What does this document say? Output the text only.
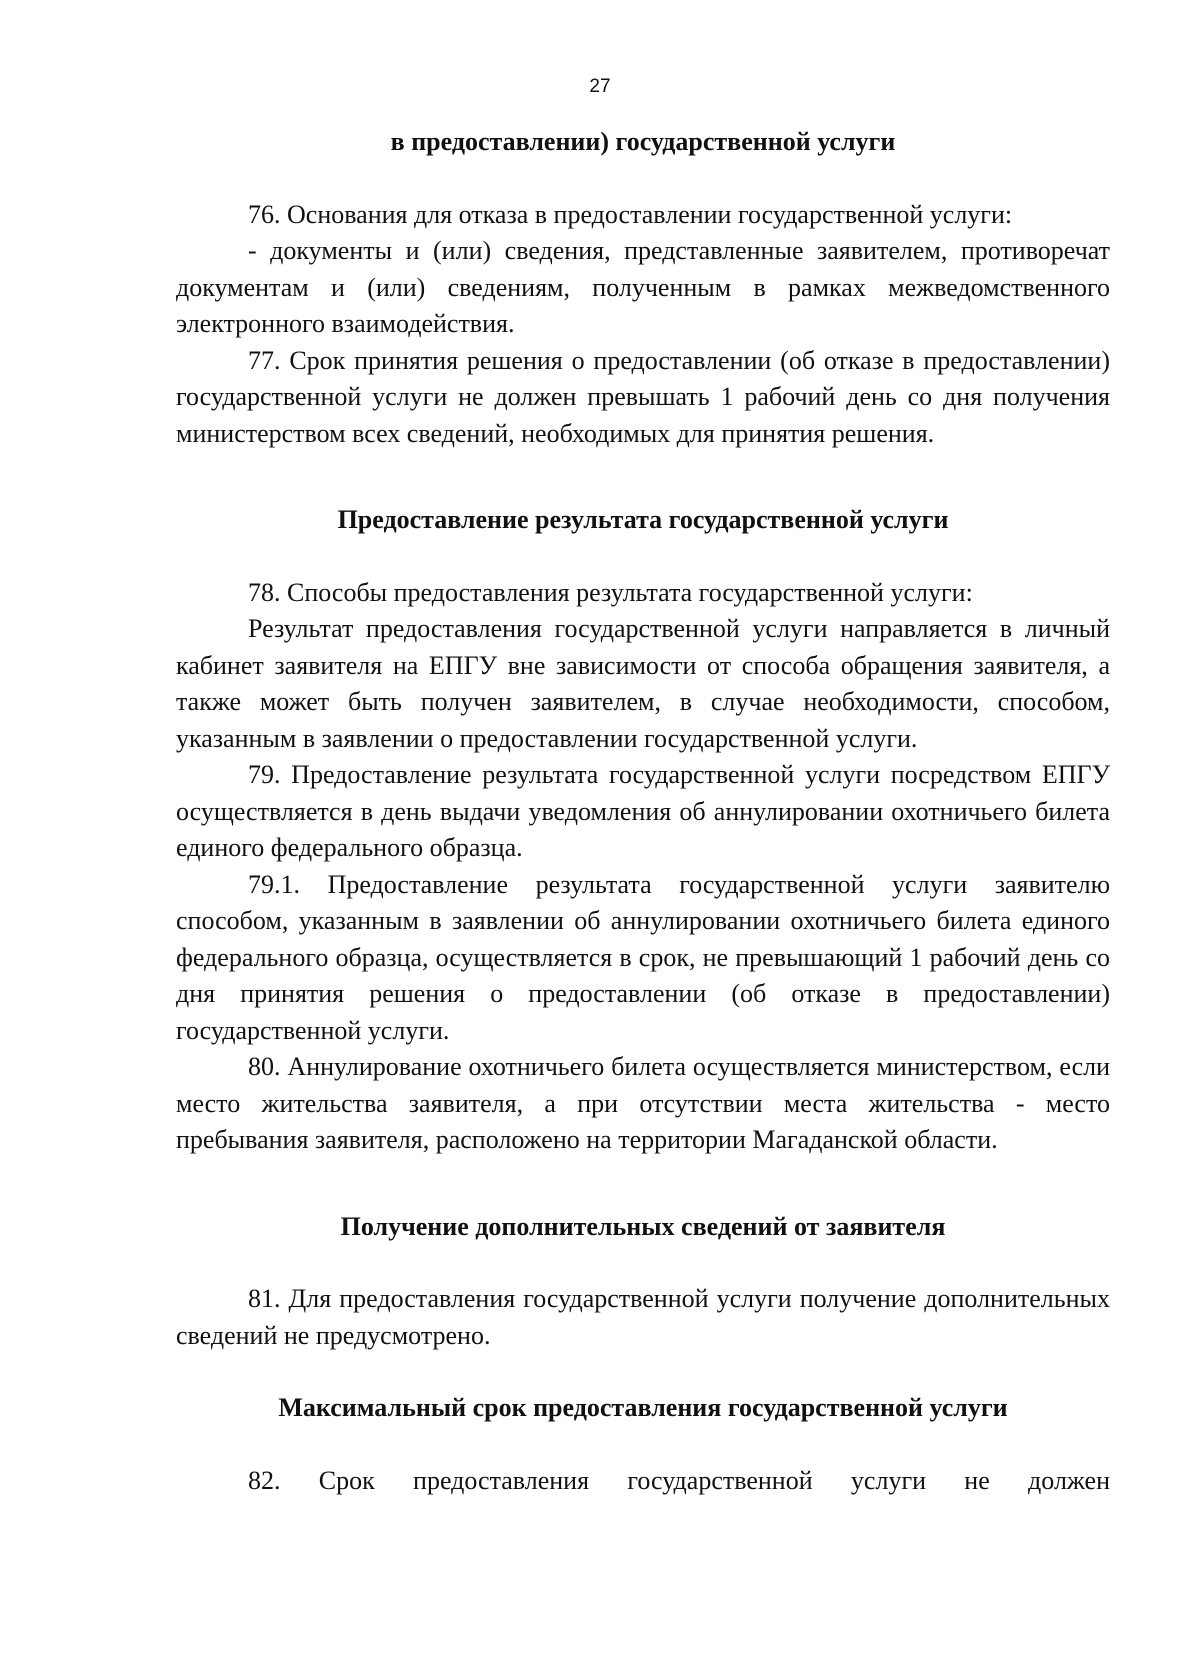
27
в предоставлении) государственной услуги

76. Основания для отказа в предоставлении государственной услуги:

- документы и (или) сведения, представленные заявителем, противоречат документам и (или) сведениям, полученным в рамках межведомственного электронного взаимодействия.

77. Срок принятия решения о предоставлении (об отказе в предоставлении) государственной услуги не должен превышать 1 рабочий день со дня получения министерством всех сведений, необходимых для принятия решения.

Предоставление результата государственной услуги

78. Способы предоставления результата государственной услуги:

Результат предоставления государственной услуги направляется в личный кабинет заявителя на ЕПГУ вне зависимости от способа обращения заявителя, а также может быть получен заявителем, в случае необходимости, способом, указанным в заявлении о предоставлении государственной услуги.

79. Предоставление результата государственной услуги посредством ЕПГУ осуществляется в день выдачи уведомления об аннулировании охотничьего билета единого федерального образца.

79.1. Предоставление результата государственной услуги заявителю способом, указанным в заявлении об аннулировании охотничьего билета единого федерального образца, осуществляется в срок, не превышающий 1 рабочий день со дня принятия решения о предоставлении (об отказе в предоставлении) государственной услуги.

80. Аннулирование охотничьего билета осуществляется министерством, если место жительства заявителя, а при отсутствии места жительства - место пребывания заявителя, расположено на территории Магаданской области.

Получение дополнительных сведений от заявителя

81. Для предоставления государственной услуги получение дополнительных сведений не предусмотрено.

Максимальный срок предоставления государственной услуги

82. Срок предоставления государственной услуги не должен
